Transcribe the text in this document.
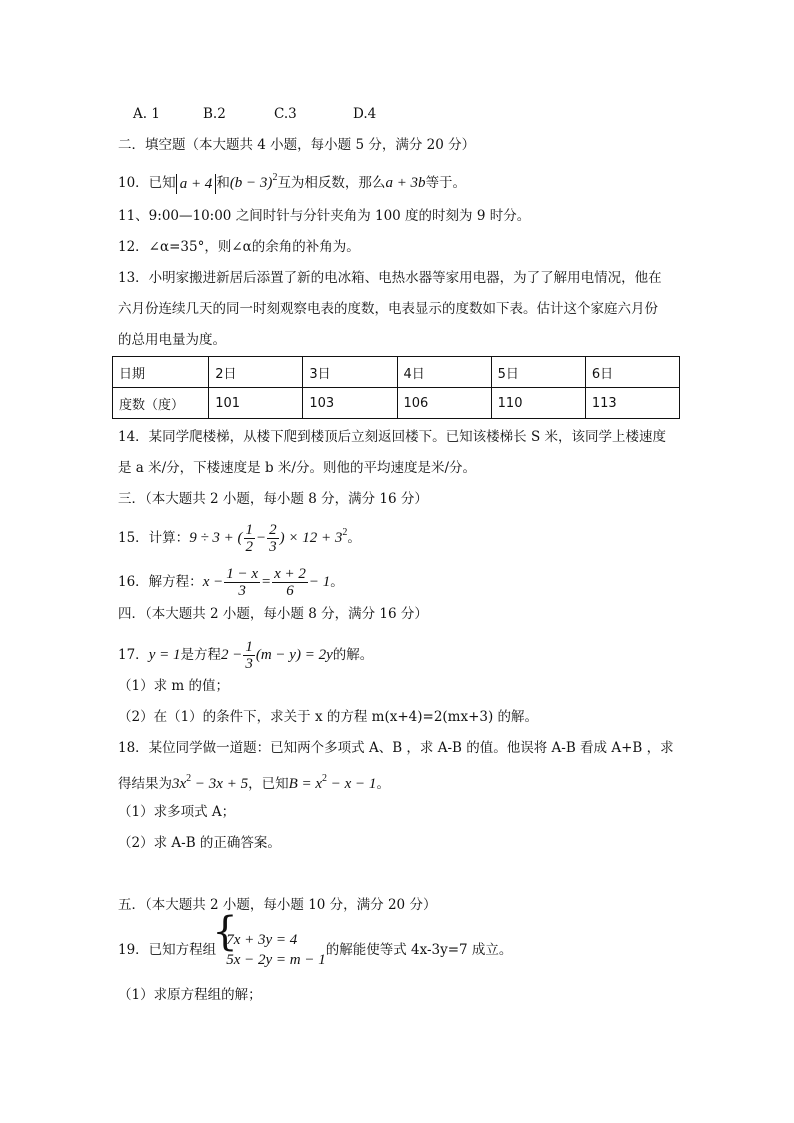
A. 1	B.2	C.3	D.4
二．填空题（本大题共 4 小题，每小题 5 分，满分 20 分）
10．已知 a + 4 和$(b - 3)^2$互为相反数，那么a + 3b等于。
11、9:00—10:00 之间时针与分针夹角为 100 度的时刻为 9 时分。
12．∠α=35°，则∠α的余角的补角为。
13．小明家搬进新居后添置了新的电冰箱、电热水器等家用电器，为了了解用电情况，他在
六月份连续几天的同一时刻观察电表的度数，电表显示的度数如下表。估计这个家庭六月份
的总用电量为度。
日期	2日	3日	4日	5日	6日
度数（度）	101	103	106	110	113
14．某同学爬楼梯，从楼下爬到楼顶后立刻返回楼下。已知该楼梯长 S 米，该同学上楼速度
是 a 米/分，下楼速度是 b 米/分。则他的平均速度是米/分。
三．（本大题共 2 小题，每小题 8 分，满分 16 分）
15．计算：9 ÷ 3 + ( $\frac{1}{2} - \frac{2}{3}$ ) × $12 + 3^2$。
16．解方程：$x - \frac{1 - x}{3} = \frac{x + 2}{6} - 1$。
四．（本大题共 2 小题，每小题 8 分，满分 16 分）
17．y = 1是方程$2 - \frac{1}{3} (m - y) = 2y$的解。
（1）求 m 的值；
（2）在（1）的条件下，求关于 x 的方程 m(x+4)=2(mx+3) 的解。
18．某位同学做一道题：已知两个多项式 A、B ，求 A-B 的值。他误将 A-B 看成 A+B ，求
得结果为$3x^2 - 3x + 5$，已知$B = x^2 - x - 1$。
（1）求多项式 A；
（2）求 A-B 的正确答案。
五．（本大题共 2 小题，每小题 10 分，满分 20 分）
19．已知方程组
{
7x + 3y = 4
5x − 2y = m − 1
的解能使等式 4x-3y=7 成立。
（1）求原方程组的解；
